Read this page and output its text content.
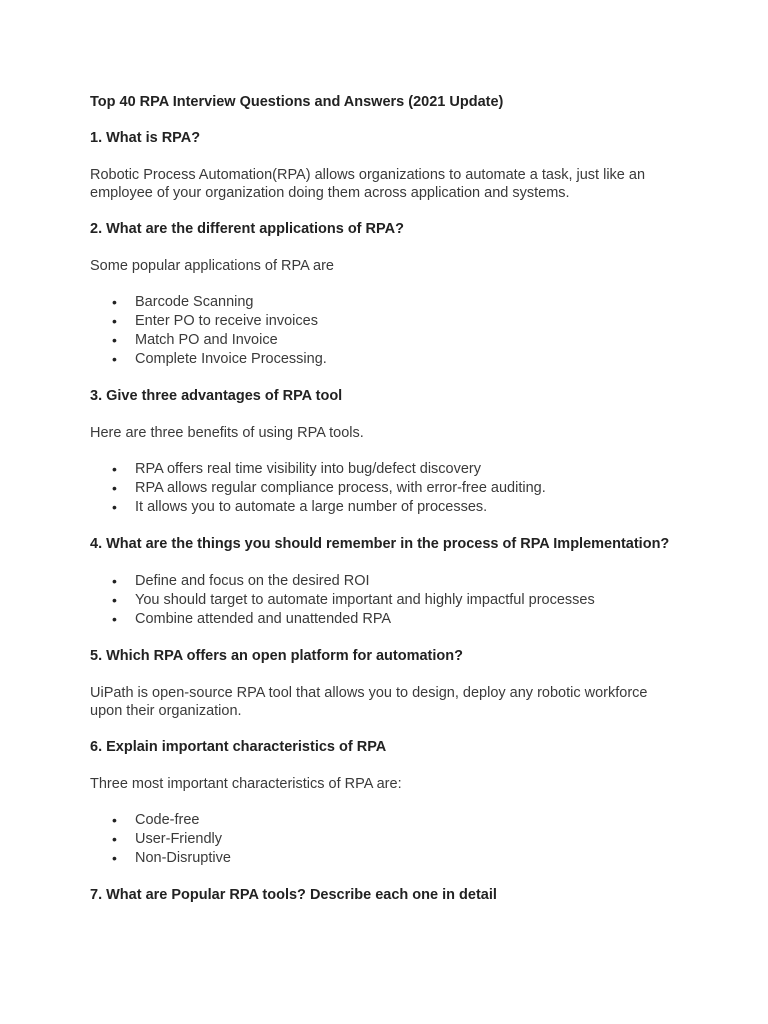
Top 40 RPA Interview Questions and Answers (2021 Update)

1. What is RPA?

Robotic Process Automation(RPA) allows organizations to automate a task, just like an employee of your organization doing them across application and systems.

2. What are the different applications of RPA?

Some popular applications of RPA are

• Barcode Scanning
• Enter PO to receive invoices
• Match PO and Invoice
• Complete Invoice Processing.

3. Give three advantages of RPA tool

Here are three benefits of using RPA tools.

• RPA offers real time visibility into bug/defect discovery
• RPA allows regular compliance process, with error-free auditing.
• It allows you to automate a large number of processes.

4. What are the things you should remember in the process of RPA Implementation?

• Define and focus on the desired ROI
• You should target to automate important and highly impactful processes
• Combine attended and unattended RPA

5. Which RPA offers an open platform for automation?

UiPath is open-source RPA tool that allows you to design, deploy any robotic workforce upon their organization.

6. Explain important characteristics of RPA

Three most important characteristics of RPA are:

• Code-free
• User-Friendly
• Non-Disruptive

7. What are Popular RPA tools? Describe each one in detail
